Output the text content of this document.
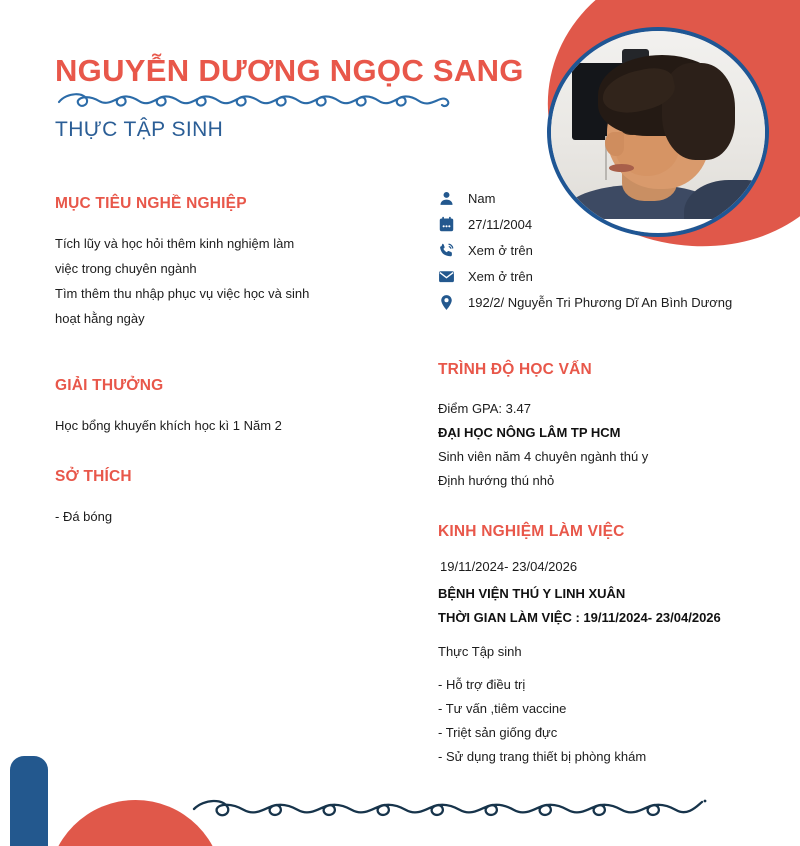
NGUYỄN DƯƠNG NGỌC SANG
THỰC TẬP SINH
MỤC TIÊU NGHỀ NGHIỆP

Tích lũy và học hỏi thêm kinh nghiệm làm

việc trong chuyên ngành

Tìm thêm thu nhập phục vụ việc học và sinh

hoạt hằng ngày

GIẢI THƯỞNG

Học bổng khuyến khích học kì 1 Năm 2

SỞ THÍCH

- Đá bóng

Nam
27/11/2004
Xem ở trên
Xem ở trên
192/2/ Nguyễn Tri Phương Dĩ An Bình Dương
TRÌNH ĐỘ HỌC VẤN

Điểm GPA: 3.47

ĐẠI HỌC NÔNG LÂM TP HCM

Sinh viên năm 4 chuyên ngành thú y

Định hướng thú nhỏ

KINH NGHIỆM LÀM VIỆC

19/11/2024- 23/04/2026

BỆNH VIỆN THÚ Y LINH XUÂN

THỜI GIAN LÀM VIỆC : 19/11/2024- 23/04/2026

Thực Tập sinh

- Hỗ trợ điều trị

- Tư vấn ,tiêm vaccine

- Triệt sản giống đực

- Sử dụng trang thiết bị phòng khám
